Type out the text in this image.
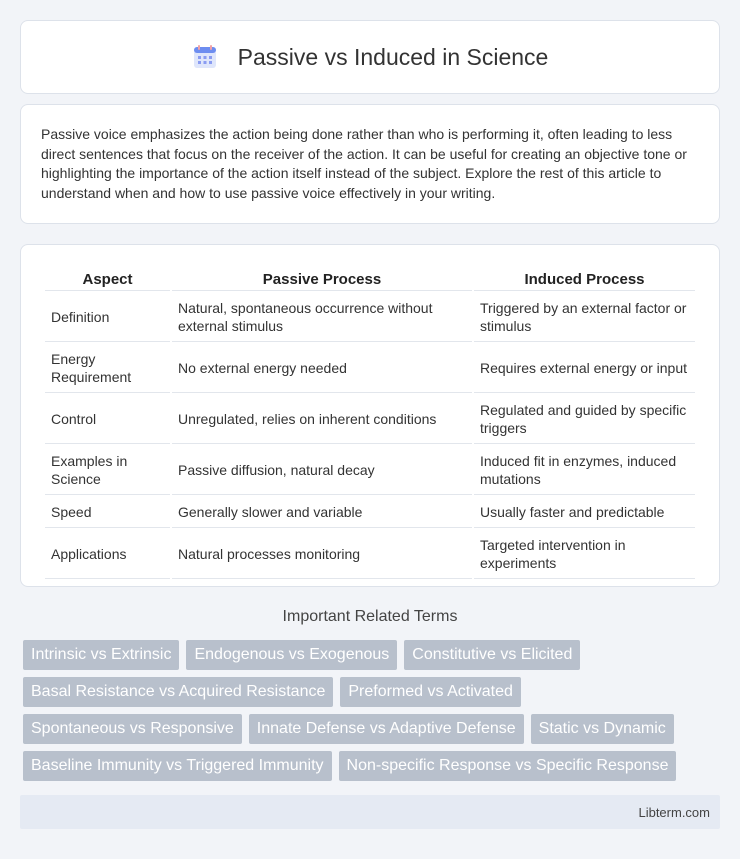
Passive vs Induced in Science

Passive voice emphasizes the action being done rather than who is performing it, often leading to less direct sentences that focus on the receiver of the action. It can be useful for creating an objective tone or highlighting the importance of the action itself instead of the subject. Explore the rest of this article to understand when and how to use passive voice effectively in your writing.

Aspect	Passive Process	Induced Process
Definition	Natural, spontaneous occurrence without external stimulus	Triggered by an external factor or stimulus
Energy Requirement	No external energy needed	Requires external energy or input
Control	Unregulated, relies on inherent conditions	Regulated and guided by specific triggers
Examples in Science	Passive diffusion, natural decay	Induced fit in enzymes, induced mutations
Speed	Generally slower and variable	Usually faster and predictable
Applications	Natural processes monitoring	Targeted intervention in experiments
Important Related Terms
Intrinsic vs Extrinsic	Endogenous vs Exogenous	Constitutive vs Elicited
Basal Resistance vs Acquired Resistance	Preformed vs Activated
Spontaneous vs Responsive	Innate Defense vs Adaptive Defense	Static vs Dynamic
Baseline Immunity vs Triggered Immunity	Non-specific Response vs Specific Response
Libterm.com
